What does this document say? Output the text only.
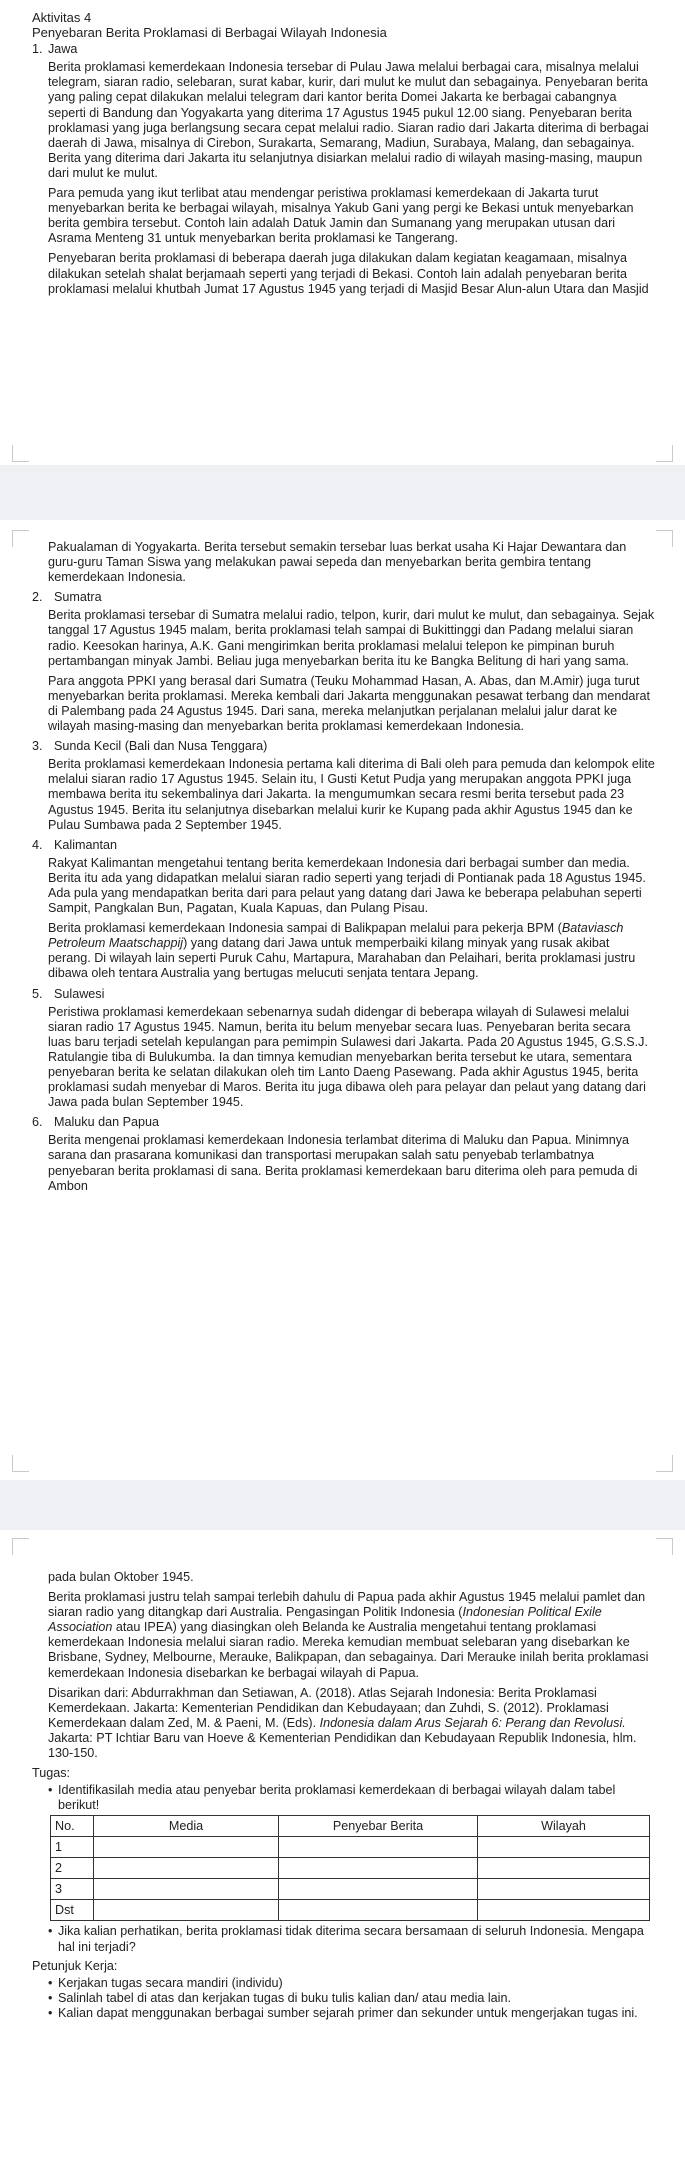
Aktivitas 4

Penyebaran Berita Proklamasi di Berbagai Wilayah Indonesia

1. Jawa

Berita proklamasi kemerdekaan Indonesia tersebar di Pulau Jawa melalui berbagai cara, misalnya melalui telegram, siaran radio, selebaran, surat kabar, kurir, dari mulut ke mulut dan sebagainya. Penyebaran berita yang paling cepat dilakukan melalui telegram dari kantor berita Domei Jakarta ke berbagai cabangnya seperti di Bandung dan Yogyakarta yang diterima 17 Agustus 1945 pukul 12.00 siang. Penyebaran berita proklamasi yang juga berlangsung secara cepat melalui radio. Siaran radio dari Jakarta diterima di berbagai daerah di Jawa, misalnya di Cirebon, Surakarta, Semarang, Madiun, Surabaya, Malang, dan sebagainya. Berita yang diterima dari Jakarta itu selanjutnya disiarkan melalui radio di wilayah masing-masing, maupun dari mulut ke mulut.

Para pemuda yang ikut terlibat atau mendengar peristiwa proklamasi kemerdekaan di Jakarta turut menyebarkan berita ke berbagai wilayah, misalnya Yakub Gani yang pergi ke Bekasi untuk menyebarkan berita gembira tersebut. Contoh lain adalah Datuk Jamin dan Sumanang yang merupakan utusan dari Asrama Menteng 31 untuk menyebarkan berita proklamasi ke Tangerang.

Penyebaran berita proklamasi di beberapa daerah juga dilakukan dalam kegiatan keagamaan, misalnya dilakukan setelah shalat berjamaah seperti yang terjadi di Bekasi. Contoh lain adalah penyebaran berita proklamasi melalui khutbah Jumat 17 Agustus 1945 yang terjadi di Masjid Besar Alun-alun Utara dan Masjid

Pakualaman di Yogyakarta. Berita tersebut semakin tersebar luas berkat usaha Ki Hajar Dewantara dan guru-guru Taman Siswa yang melakukan pawai sepeda dan menyebarkan berita gembira tentang kemerdekaan Indonesia.

2. Sumatra

Berita proklamasi tersebar di Sumatra melalui radio, telpon, kurir, dari mulut ke mulut, dan sebagainya. Sejak tanggal 17 Agustus 1945 malam, berita proklamasi telah sampai di Bukittinggi dan Padang melalui siaran radio. Keesokan harinya, A.K. Gani mengirimkan berita proklamasi melalui telepon ke pimpinan buruh pertambangan minyak Jambi. Beliau juga menyebarkan berita itu ke Bangka Belitung di hari yang sama.

Para anggota PPKI yang berasal dari Sumatra (Teuku Mohammad Hasan, A. Abas, dan M.Amir) juga turut menyebarkan berita proklamasi. Mereka kembali dari Jakarta menggunakan pesawat terbang dan mendarat di Palembang pada 24 Agustus 1945. Dari sana, mereka melanjutkan perjalanan melalui jalur darat ke wilayah masing-masing dan menyebarkan berita proklamasi kemerdekaan Indonesia.

3. Sunda Kecil (Bali dan Nusa Tenggara)

Berita proklamasi kemerdekaan Indonesia pertama kali diterima di Bali oleh para pemuda dan kelompok elite melalui siaran radio 17 Agustus 1945. Selain itu, I Gusti Ketut Pudja yang merupakan anggota PPKI juga membawa berita itu sekembalinya dari Jakarta. Ia mengumumkan secara resmi berita tersebut pada 23 Agustus 1945. Berita itu selanjutnya disebarkan melalui kurir ke Kupang pada akhir Agustus 1945 dan ke Pulau Sumbawa pada 2 September 1945.

4. Kalimantan

Rakyat Kalimantan mengetahui tentang berita kemerdekaan Indonesia dari berbagai sumber dan media. Berita itu ada yang didapatkan melalui siaran radio seperti yang terjadi di Pontianak pada 18 Agustus 1945. Ada pula yang mendapatkan berita dari para pelaut yang datang dari Jawa ke beberapa pelabuhan seperti Sampit, Pangkalan Bun, Pagatan, Kuala Kapuas, dan Pulang Pisau.

Berita proklamasi kemerdekaan Indonesia sampai di Balikpapan melalui para pekerja BPM (Bataviasch Petroleum Maatschappij) yang datang dari Jawa untuk memperbaiki kilang minyak yang rusak akibat perang. Di wilayah lain seperti Puruk Cahu, Martapura, Marahaban dan Pelaihari, berita proklamasi justru dibawa oleh tentara Australia yang bertugas melucuti senjata tentara Jepang.

5. Sulawesi

Peristiwa proklamasi kemerdekaan sebenarnya sudah didengar di beberapa wilayah di Sulawesi melalui siaran radio 17 Agustus 1945. Namun, berita itu belum menyebar secara luas. Penyebaran berita secara luas baru terjadi setelah kepulangan para pemimpin Sulawesi dari Jakarta. Pada 20 Agustus 1945, G.S.S.J. Ratulangie tiba di Bulukumba. Ia dan timnya kemudian menyebarkan berita tersebut ke utara, sementara penyebaran berita ke selatan dilakukan oleh tim Lanto Daeng Pasewang. Pada akhir Agustus 1945, berita proklamasi sudah menyebar di Maros. Berita itu juga dibawa oleh para pelayar dan pelaut yang datang dari Jawa pada bulan September 1945.

6. Maluku dan Papua

Berita mengenai proklamasi kemerdekaan Indonesia terlambat diterima di Maluku dan Papua. Minimnya sarana dan prasarana komunikasi dan transportasi merupakan salah satu penyebab terlambatnya penyebaran berita proklamasi di sana. Berita proklamasi kemerdekaan baru diterima oleh para pemuda di Ambon

pada bulan Oktober 1945.

Berita proklamasi justru telah sampai terlebih dahulu di Papua pada akhir Agustus 1945 melalui pamlet dan siaran radio yang ditangkap dari Australia. Pengasingan Politik Indonesia (Indonesian Political Exile Association atau IPEA) yang diasingkan oleh Belanda ke Australia mengetahui tentang proklamasi kemerdekaan Indonesia melalui siaran radio. Mereka kemudian membuat selebaran yang disebarkan ke Brisbane, Sydney, Melbourne, Merauke, Balikpapan, dan sebagainya. Dari Merauke inilah berita proklamasi kemerdekaan Indonesia disebarkan ke berbagai wilayah di Papua.

Disarikan dari: Abdurrakhman dan Setiawan, A. (2018). Atlas Sejarah Indonesia: Berita Proklamasi Kemerdekaan. Jakarta: Kementerian Pendidikan dan Kebudayaan; dan Zuhdi, S. (2012). Proklamasi Kemerdekaan dalam Zed, M. & Paeni, M. (Eds). Indonesia dalam Arus Sejarah 6: Perang dan Revolusi. Jakarta: PT Ichtiar Baru van Hoeve & Kementerian Pendidikan dan Kebudayaan Republik Indonesia, hlm. 130-150.

Tugas:

• Identifikasilah media atau penyebar berita proklamasi kemerdekaan di berbagai wilayah dalam tabel berikut!
No.	Media	Penyebar Berita	Wilayah
1			
2			
3			
Dst			
• Jika kalian perhatikan, berita proklamasi tidak diterima secara bersamaan di seluruh Indonesia. Mengapa hal ini terjadi?

Petunjuk Kerja:

• Kerjakan tugas secara mandiri (individu)
• Salinlah tabel di atas dan kerjakan tugas di buku tulis kalian dan/ atau media lain.
• Kalian dapat menggunakan berbagai sumber sejarah primer dan sekunder untuk mengerjakan tugas ini.
